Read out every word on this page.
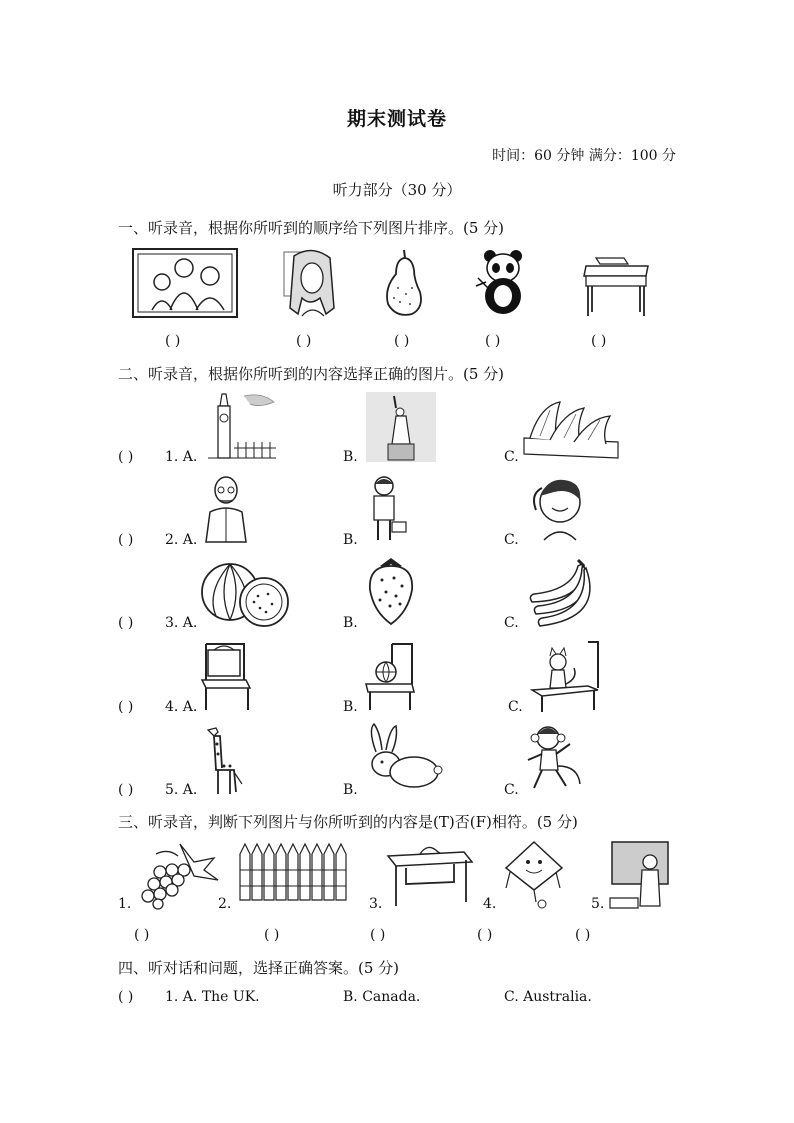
期末测试卷
时间：60 分钟 满分：100 分
听力部分（30 分）
一、听录音，根据你所听到的顺序给下列图片排序。(5 分)
( )	( )	( )	( )	( )
二、听录音，根据你所听到的内容选择正确的图片。(5 分)
( ) 1. A.	B.	C.
( ) 2. A.	B.	C.
( ) 3. A.	B.	C.
( ) 4. A.	B.	C.
( ) 5. A.	B.	C.
三、听录音，判断下列图片与你所听到的内容是(T)否(F)相符。(5 分)
1.	2.	3.	4.	5.
( )	( )	( )	( )	( )
四、听对话和问题，选择正确答案。(5 分)
( ) 1. A. The UK.	B. Canada.	C. Australia.
